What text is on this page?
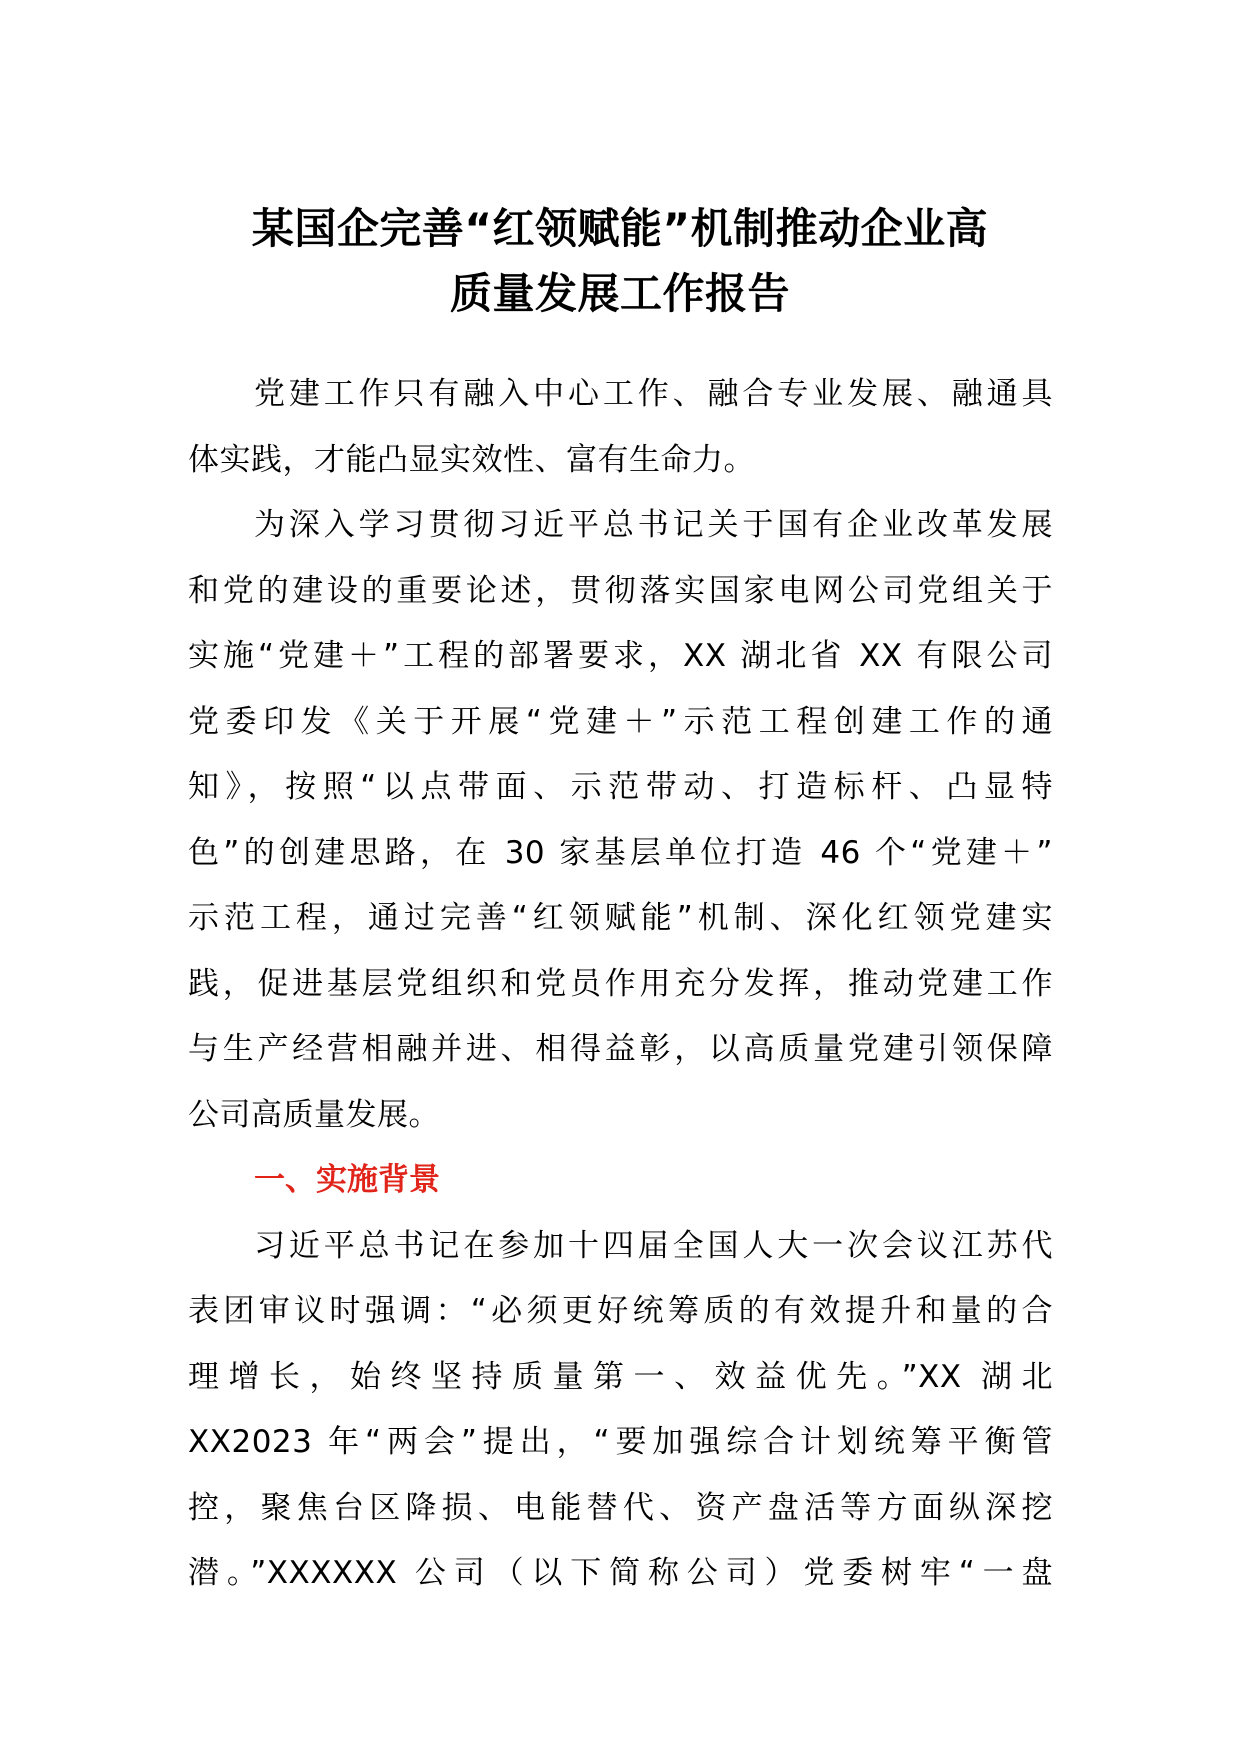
某国企完善“红领赋能”机制推动企业高
质量发展工作报告

党建工作只有融入中心工作、融合专业发展、融通具
体实践，才能凸显实效性、富有生命力。

为深入学习贯彻习近平总书记关于国有企业改革发展
和党的建设的重要论述，贯彻落实国家电网公司党组关于
实施“党建＋”工程的部署要求，XX 湖北省 XX 有限公司
党委印发《关于开展“党建＋”示范工程创建工作的通
知》，按照“以点带面、示范带动、打造标杆、凸显特
色”的创建思路，在 30 家基层单位打造 46 个“党建＋”
示范工程，通过完善“红领赋能”机制、深化红领党建实
践，促进基层党组织和党员作用充分发挥，推动党建工作
与生产经营相融并进、相得益彰，以高质量党建引领保障
公司高质量发展。

一、实施背景

习近平总书记在参加十四届全国人大一次会议江苏代
表团审议时强调：“必须更好统筹质的有效提升和量的合
理增长，始终坚持质量第一、效益优先。”XX 湖北
XX2023 年“两会”提出，“要加强综合计划统筹平衡管
控，聚焦台区降损、电能替代、资产盘活等方面纵深挖
潜。”XXXXXX 公司（以下简称公司）党委树牢“一盘
